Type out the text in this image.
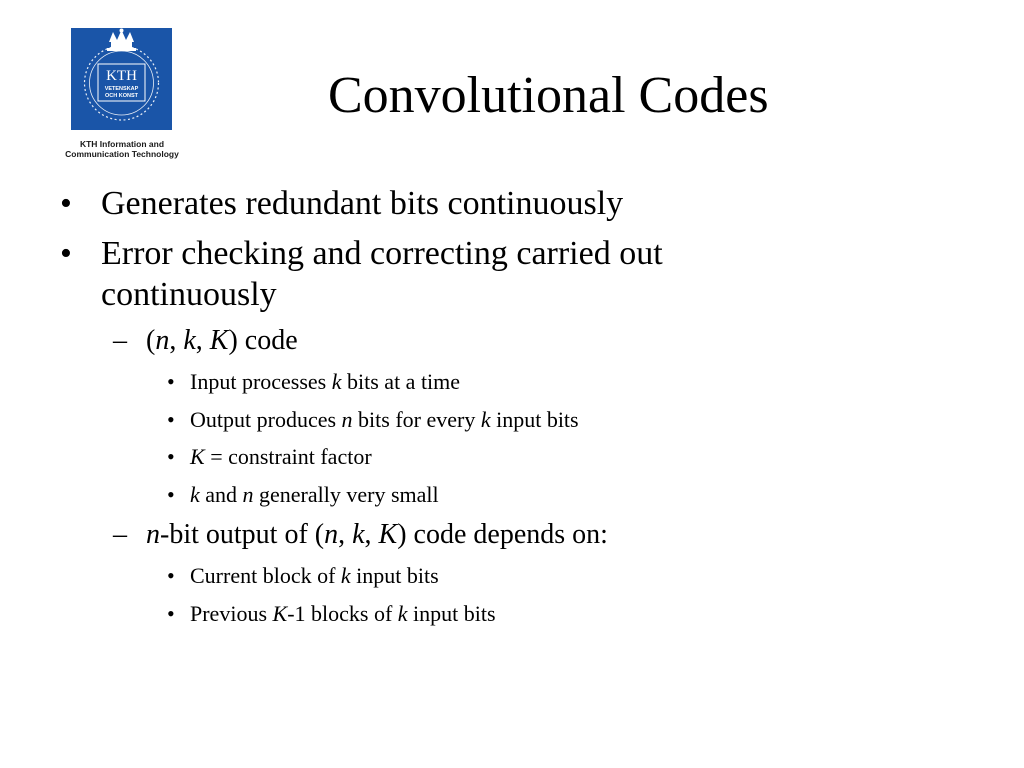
KTH
VETENSKAP
OCH KONST
KTH Information and
Communication Technology
Convolutional Codes
• Generates redundant bits continuously
• Error checking and correcting carried out continuously
– (n, k, K) code
• Input processes k bits at a time
• Output produces n bits for every k input bits
• K = constraint factor
• k and n generally very small
– n-bit output of (n, k, K) code depends on:
• Current block of k input bits
• Previous K-1 blocks of k input bits
